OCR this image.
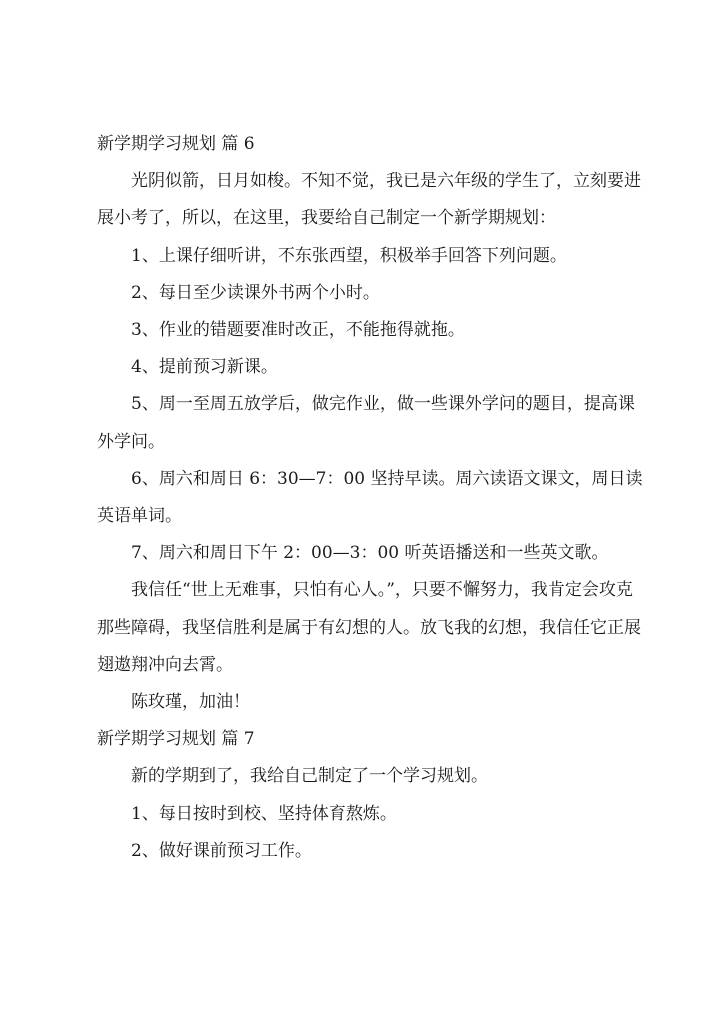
新学期学习规划 篇 6

光阴似箭，日月如梭。不知不觉，我已是六年级的学生了，立刻要进展小考了，所以，在这里，我要给自己制定一个新学期规划：

1、上课仔细听讲，不东张西望，积极举手回答下列问题。

2、每日至少读课外书两个小时。

3、作业的错题要准时改正，不能拖得就拖。

4、提前预习新课。

5、周一至周五放学后，做完作业，做一些课外学问的题目，提高课外学问。

6、周六和周日 6：30—7：00 坚持早读。周六读语文课文，周日读英语单词。

7、周六和周日下午 2：00—3：00 听英语播送和一些英文歌。

我信任“世上无难事，只怕有心人。”，只要不懈努力，我肯定会攻克那些障碍，我坚信胜利是属于有幻想的人。放飞我的幻想，我信任它正展翅遨翔冲向去霄。

陈玫瑾，加油！

新学期学习规划 篇 7

新的学期到了，我给自己制定了一个学习规划。

1、每日按时到校、坚持体育熬炼。

2、做好课前预习工作。
